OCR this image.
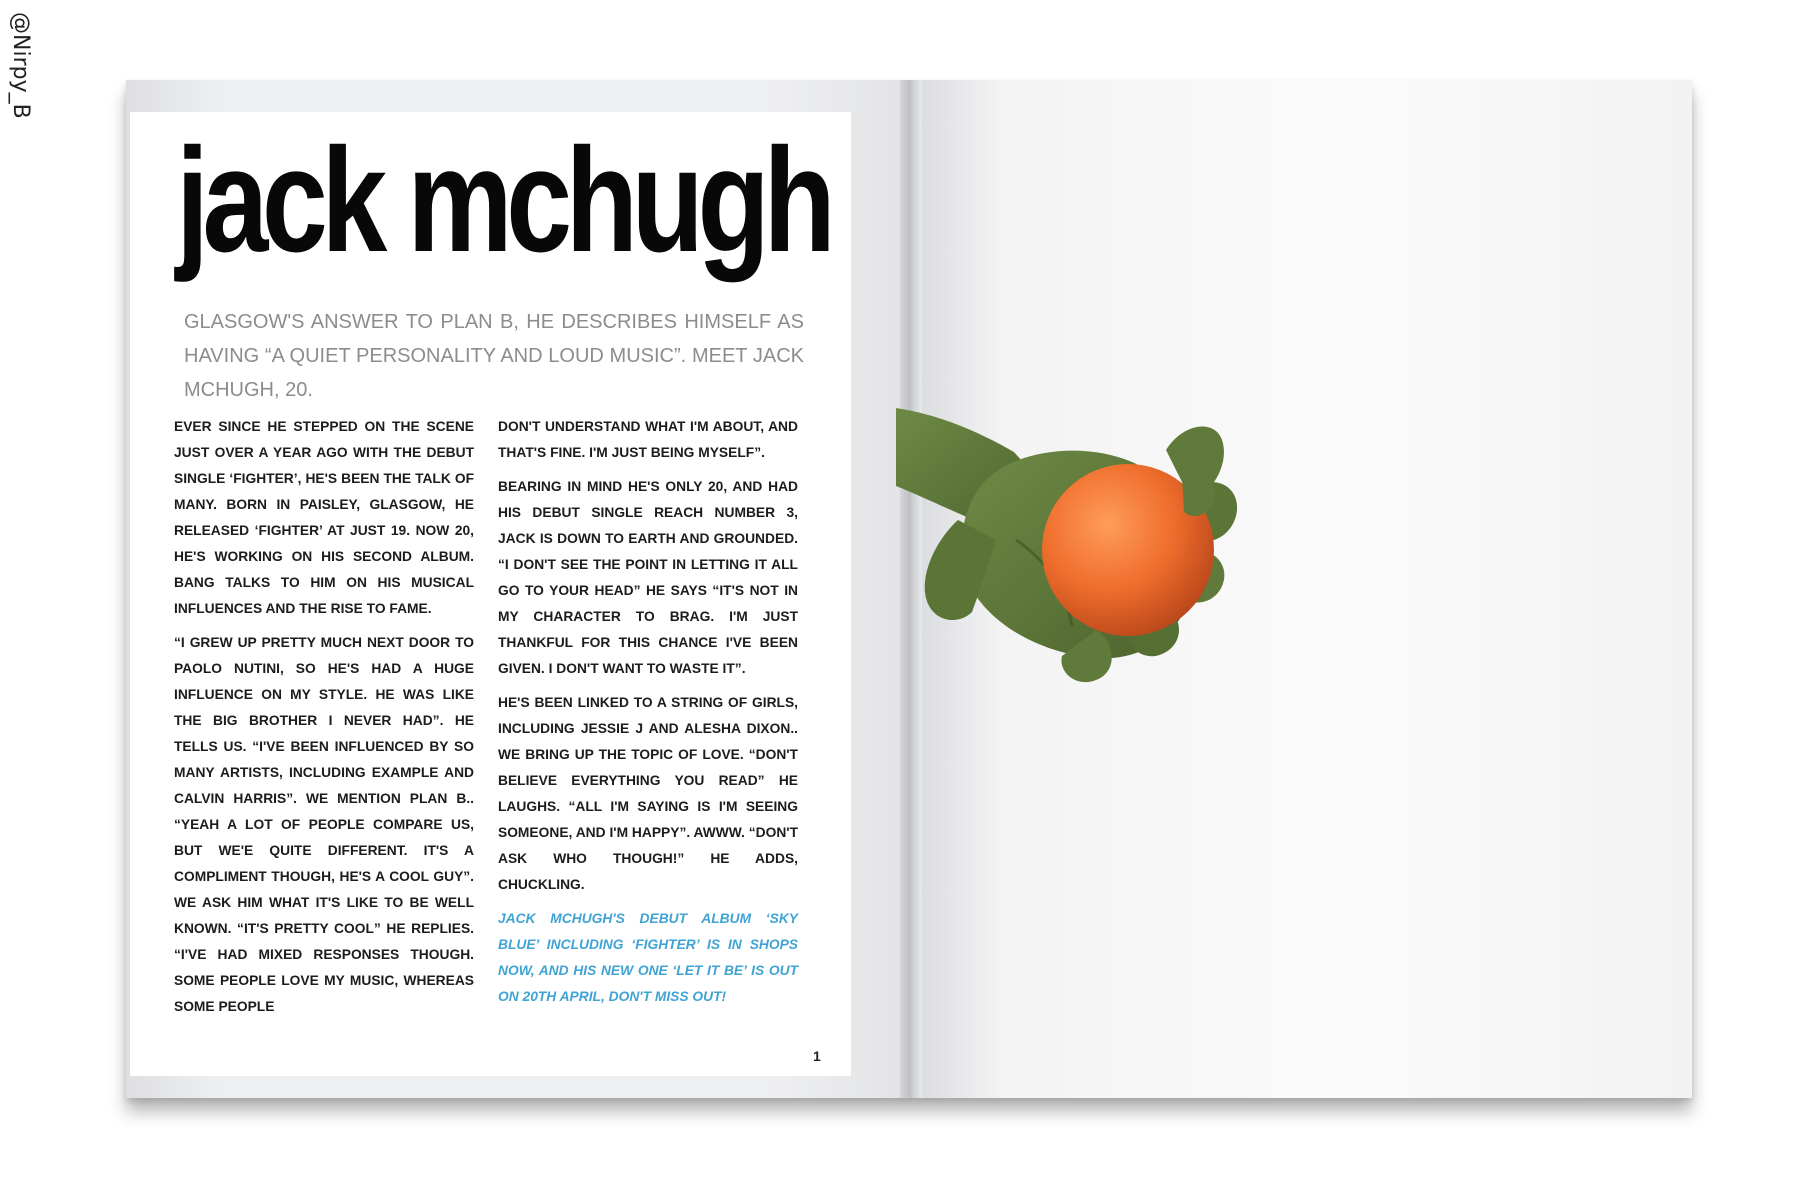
@Nirpy_B
jack mchugh
GLASGOW'S ANSWER TO PLAN B, HE DESCRIBES HIMSELF AS HAVING “A QUIET PERSONALITY AND LOUD MUSIC”. MEET JACK MCHUGH, 20.

EVER SINCE HE STEPPED ON THE SCENE JUST OVER A YEAR AGO WITH THE DEBUT SINGLE ‘FIGHTER’, HE'S BEEN THE TALK OF MANY. BORN IN PAISLEY, GLASGOW, HE RELEASED ‘FIGHTER’ AT JUST 19. NOW 20, HE'S WORKING ON HIS SECOND ALBUM. BANG TALKS TO HIM ON HIS MUSICAL INFLUENCES AND THE RISE TO FAME.

“I GREW UP PRETTY MUCH NEXT DOOR TO PAOLO NUTINI, SO HE'S HAD A HUGE INFLUENCE ON MY STYLE. HE WAS LIKE THE BIG BROTHER I NEVER HAD”. HE TELLS US. “I'VE BEEN INFLUENCED BY SO MANY ARTISTS, INCLUDING EXAMPLE AND CALVIN HARRIS”. WE MENTION PLAN B.. “YEAH A LOT OF PEOPLE COMPARE US, BUT WE'E QUITE DIFFERENT. IT'S A COMPLIMENT THOUGH, HE'S A COOL GUY”. WE ASK HIM WHAT IT'S LIKE TO BE WELL KNOWN. “IT'S PRETTY COOL” HE REPLIES. “I'VE HAD MIXED RESPONSES THOUGH. SOME PEOPLE LOVE MY MUSIC, WHEREAS SOME PEOPLE

DON'T UNDERSTAND WHAT I'M ABOUT, AND THAT'S FINE. I'M JUST BEING MYSELF”.

BEARING IN MIND HE'S ONLY 20, AND HAD HIS DEBUT SINGLE REACH NUMBER 3, JACK IS DOWN TO EARTH AND GROUNDED. “I DON'T SEE THE POINT IN LETTING IT ALL GO TO YOUR HEAD” HE SAYS “IT'S NOT IN MY CHARACTER TO BRAG. I'M JUST THANKFUL FOR THIS CHANCE I'VE BEEN GIVEN. I DON'T WANT TO WASTE IT”.

HE'S BEEN LINKED TO A STRING OF GIRLS, INCLUDING JESSIE J AND ALESHA DIXON.. WE BRING UP THE TOPIC OF LOVE. “DON'T BELIEVE EVERYTHING YOU READ” HE LAUGHS. “ALL I'M SAYING IS I'M SEEING SOMEONE, AND I'M HAPPY”. AWWW. “DON'T ASK WHO THOUGH!” HE ADDS, CHUCKLING.

JACK MCHUGH'S DEBUT ALBUM ‘SKY BLUE’ INCLUDING ‘FIGHTER’ IS IN SHOPS NOW, AND HIS NEW ONE ‘LET IT BE’ IS OUT ON 20TH APRIL, DON'T MISS OUT!

1
